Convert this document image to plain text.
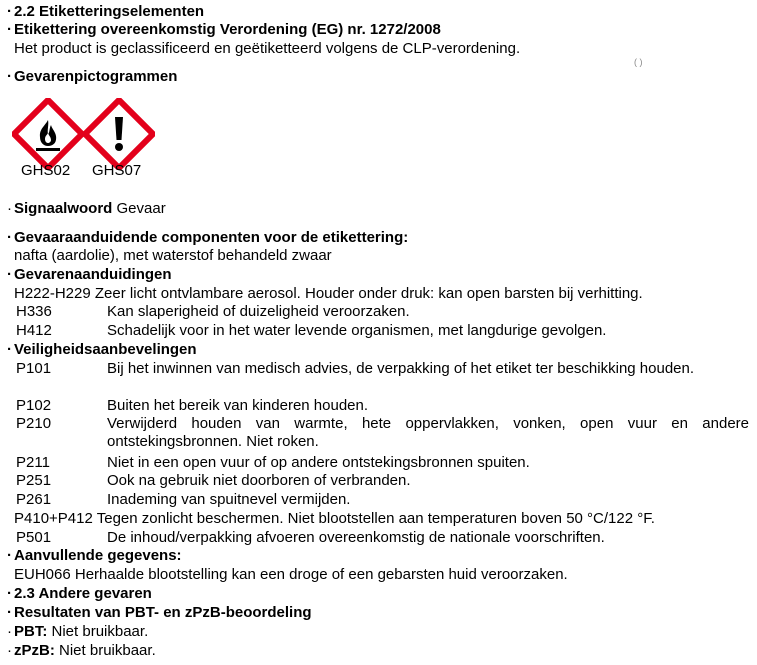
· 2.2 Etiketteringselementen
· Etikettering overeenkomstig Verordening (EG) nr. 1272/2008
Het product is geclassificeerd en geëtiketteerd volgens de CLP-verordening.
( )
· Gevarenpictogrammen
GHS02 GHS07
· Signaalwoord Gevaar
· Gevaaraanduidende componenten voor de etikettering:
nafta (aardolie), met waterstof behandeld zwaar
· Gevarenaanduidingen
H222-H229 Zeer licht ontvlambare aerosol. Houder onder druk: kan open barsten bij verhitting.
H336	Kan slaperigheid of duizeligheid veroorzaken.
H412	Schadelijk voor in het water levende organismen, met langdurige gevolgen.
· Veiligheidsaanbevelingen
P101	Bij het inwinnen van medisch advies, de verpakking of het etiket ter beschikking houden.
P102	Buiten het bereik van kinderen houden.
P210	Verwijderd houden van warmte, hete oppervlakken, vonken, open vuur en andere ontstekingsbronnen. Niet roken.
P211	Niet in een open vuur of op andere ontstekingsbronnen spuiten.
P251	Ook na gebruik niet doorboren of verbranden.
P261	Inademing van spuitnevel vermijden.
P410+P412 Tegen zonlicht beschermen. Niet blootstellen aan temperaturen boven 50 °C/122 °F.
P501	De inhoud/verpakking afvoeren overeenkomstig de nationale voorschriften.
· Aanvullende gegevens:
EUH066 Herhaalde blootstelling kan een droge of een gebarsten huid veroorzaken.
· 2.3 Andere gevaren
· Resultaten van PBT- en zPzB-beoordeling
· PBT: Niet bruikbaar.
· zPzB: Niet bruikbaar.
